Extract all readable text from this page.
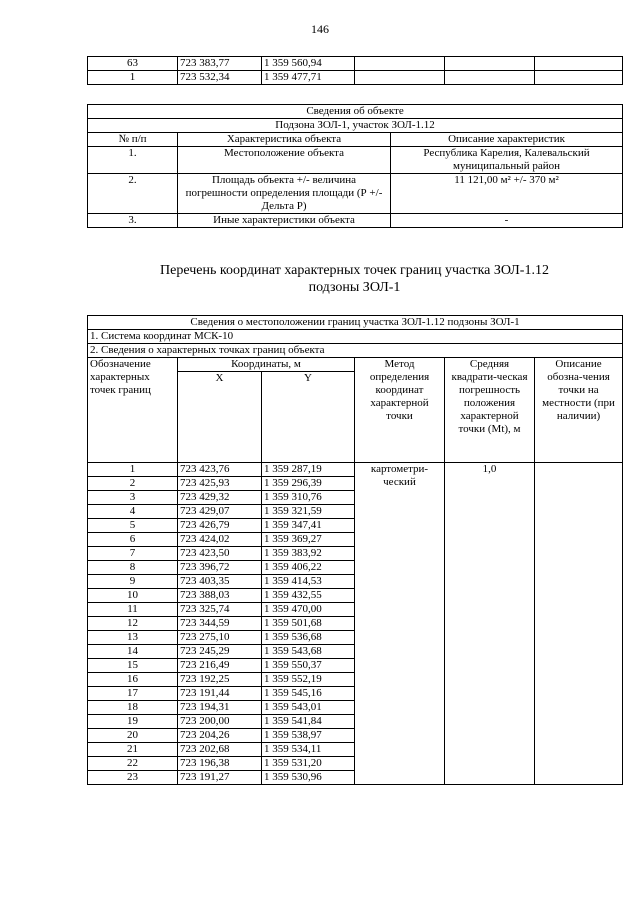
146
63	723 383,77	1 359 560,94			
1	723 532,34	1 359 477,71			
Сведения об объекте		
Подзона ЗОЛ-1, участок ЗОЛ-1.12		
№ п/п	Характеристика объекта	Описание характеристик
1.	Местоположение объекта	Республика Карелия, Калевальский муниципальный район
2.	Площадь объекта +/- величина погрешности определения площади (Р +/- Дельта Р)	11 121,00 м² +/- 370 м²
3.	Иные характеристики объекта	-
Перечень координат характерных точек границ участка ЗОЛ-1.12
подзоны ЗОЛ-1
Сведения о местоположении границ участка ЗОЛ-1.12 подзоны ЗОЛ-1					
1. Система координат МСК-10					
2. Сведения о характерных точках границ объекта					
Обозначение характерных точек границ	Координаты, м		Метод определения координат характерной точки	Средняя квадрати-ческая погрешность положения характерной точки (Mt), м	Описание обозна-чения точки на местности (при наличии)
	X	Y			
1	723 423,76	1 359 287,19	картометри-ческий	1,0	
2	723 425,93	1 359 296,39			
3	723 429,32	1 359 310,76			
4	723 429,07	1 359 321,59			
5	723 426,79	1 359 347,41			
6	723 424,02	1 359 369,27			
7	723 423,50	1 359 383,92			
8	723 396,72	1 359 406,22			
9	723 403,35	1 359 414,53			
10	723 388,03	1 359 432,55			
11	723 325,74	1 359 470,00			
12	723 344,59	1 359 501,68			
13	723 275,10	1 359 536,68			
14	723 245,29	1 359 543,68			
15	723 216,49	1 359 550,37			
16	723 192,25	1 359 552,19			
17	723 191,44	1 359 545,16			
18	723 194,31	1 359 543,01			
19	723 200,00	1 359 541,84			
20	723 204,26	1 359 538,97			
21	723 202,68	1 359 534,11			
22	723 196,38	1 359 531,20			
23	723 191,27	1 359 530,96			
